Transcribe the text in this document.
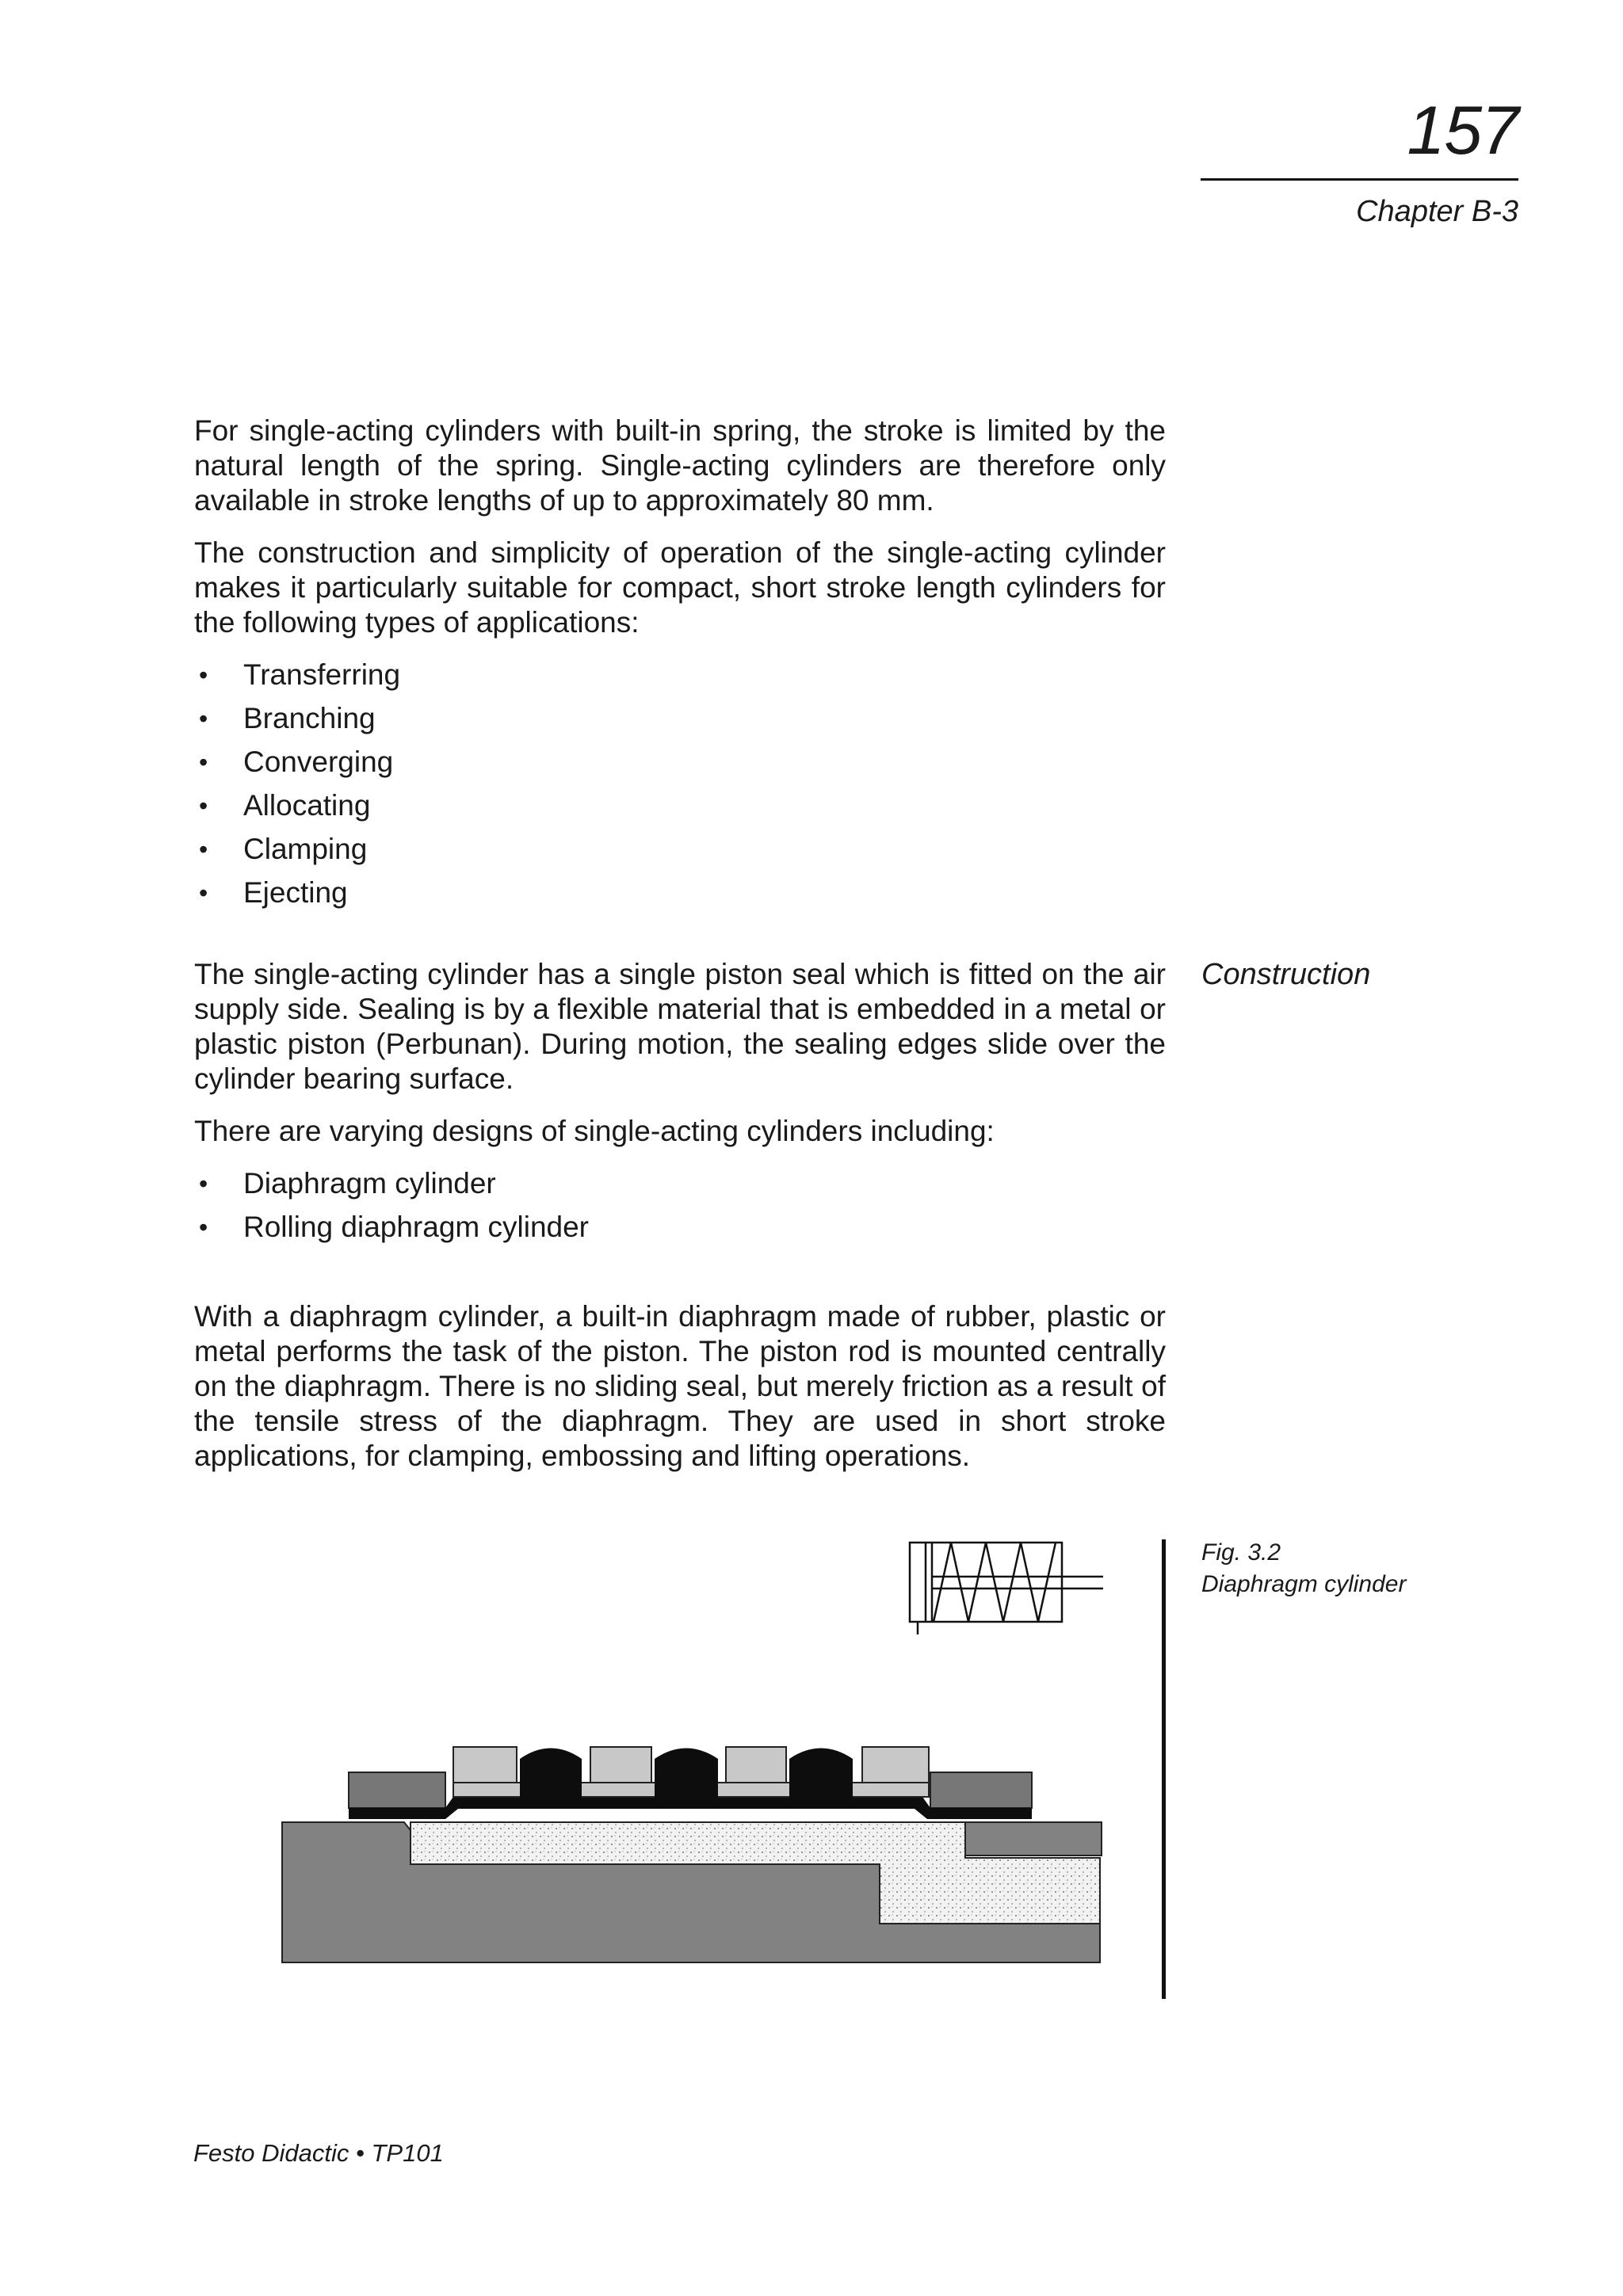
157
Chapter B-3

For single-acting cylinders with built-in spring, the stroke is limited by the natural length of the spring. Single-acting cylinders are therefore only available in stroke lengths of up to approximately 80 mm.

The construction and simplicity of operation of the single-acting cylinder makes it particularly suitable for compact, short stroke length cylinders for the following types of applications:

• Transferring
• Branching
• Converging
• Allocating
• Clamping
• Ejecting
Construction

The single-acting cylinder has a single piston seal which is fitted on the air supply side. Sealing is by a flexible material that is embedded in a metal or plastic piston (Perbunan). During motion, the sealing edges slide over the cylinder bearing surface.

There are varying designs of single-acting cylinders including:

• Diaphragm cylinder
• Rolling diaphragm cylinder

With a diaphragm cylinder, a built-in diaphragm made of rubber, plastic or metal performs the task of the piston. The piston rod is mounted centrally on the diaphragm. There is no sliding seal, but merely friction as a result of the tensile stress of the diaphragm. They are used in short stroke applications, for clamping, embossing and lifting operations.

Fig. 3.2
Diaphragm cylinder
Festo Didactic • TP101
